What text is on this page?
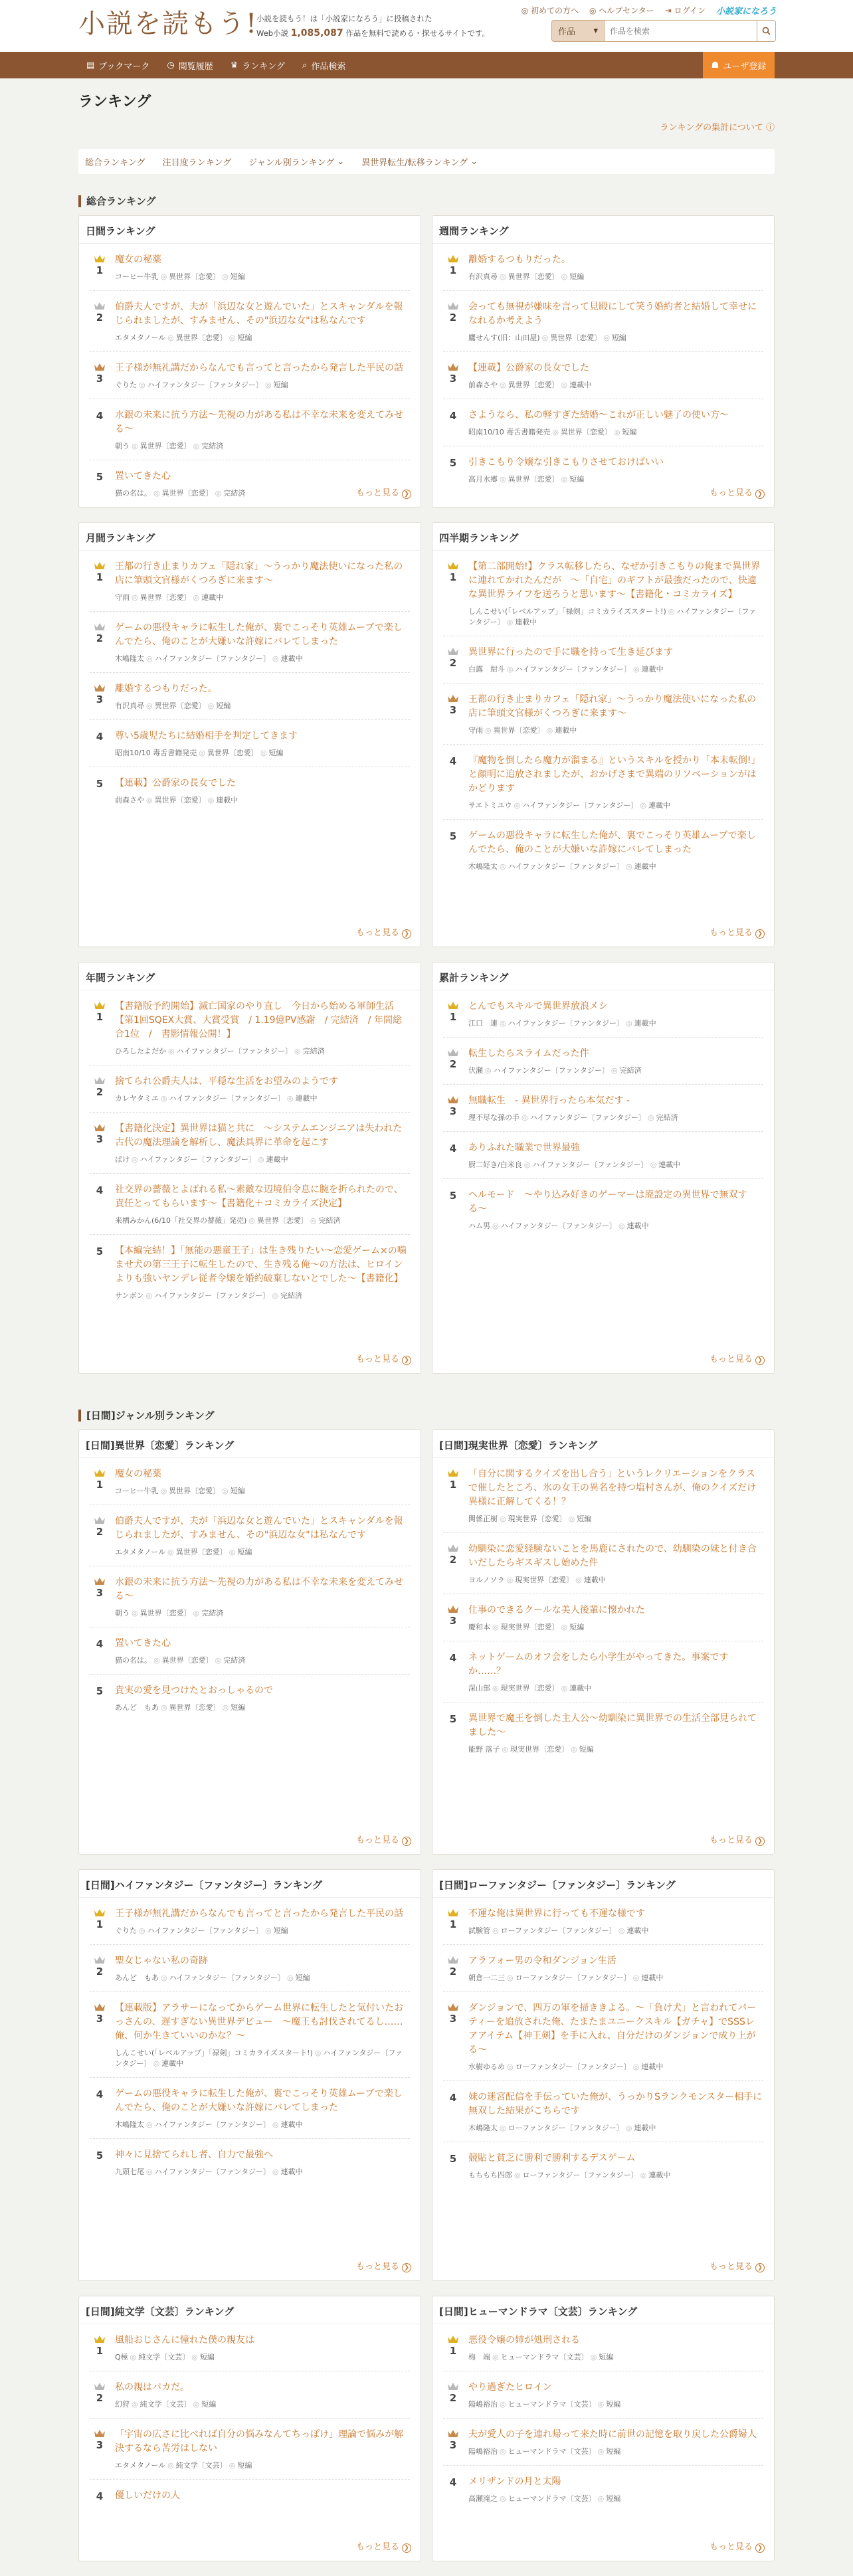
小説を読もう!
小説を読もう！は「小説家になろう」に投稿された
Web小説 1,085,087 作品を無料で読める・探せるサイトです。
◎ 初めての方へ ◎ ヘルプセンター ⇥ ログイン 小説家になろう
作品 ▾
作品を検索
▤ ブックマーク ◷ 閲覧履歴 ♛ ランキング ⌕ 作品検索	☗ ユーザ登録
ランキング
ランキングの集計について ⓘ
総合ランキング 注目度ランキング ジャンル別ランキング ⌄ 異世界転生/転移ランキング ⌄
総合ランキング
日間ランキング
1
魔女の秘薬
コーヒー牛乳 ◎ 異世界〔恋愛〕 ◎ 短編
2
伯爵夫人ですが、夫が「浜辺な女と遊んでいた」とスキャンダルを報じられましたが、すみません、その"浜辺な女"は私なんです
エタメタノール ◎ 異世界〔恋愛〕 ◎ 短編
3
王子様が無礼講だからなんでも言ってと言ったから発言した平民の話
ぐりた ◎ ハイファンタジー〔ファンタジー〕 ◎ 短編
4	水銀の未来に抗う方法〜先視の力がある私は不幸な未来を変えてみせる〜
朝う ◎ 異世界〔恋愛〕 ◎ 完結済
5	置いてきた心
猫の名は。 ◎ 異世界〔恋愛〕 ◎ 完結済	もっと見る ❯
週間ランキング
1
離婚するつもりだった。
有沢真尋 ◎ 異世界〔恋愛〕 ◎ 短編
2
会っても無視が嫌味を言って見殿にして笑う婚約者と結婚して幸せになれるか考えよう
鷹せんす(旧：山田屋) ◎ 異世界〔恋愛〕 ◎ 短編
3
【連載】公爵家の長女でした
前森さや ◎ 異世界〔恋愛〕 ◎ 連載中
4	さようなら、私の軽すぎた結婚〜これが正しい魅了の使い方〜
昭南10/10 毒舌書籍発売 ◎ 異世界〔恋愛〕 ◎ 短編
5	引きこもり令嬢な引きこもりさせておけばいい
高月水郷 ◎ 異世界〔恋愛〕 ◎ 短編
もっと見る ❯
月間ランキング
1
王都の行き止まりカフェ「隠れ家」〜うっかり魔法使いになった私の店に筆頭文官様がくつろぎに来ます〜
守雨 ◎ 異世界〔恋愛〕 ◎ 連載中
2
ゲームの悪役キャラに転生した俺が、裏でこっそり英雄ムーブで楽しんでたら、俺のことが大嫌いな許嫁にバレてしまった
木嶋隆太 ◎ ハイファンタジー〔ファンタジー〕 ◎ 連載中
3
離婚するつもりだった。
有沢真尋 ◎ 異世界〔恋愛〕 ◎ 短編
4	尊い5歳児たちに結婚相手を判定してきます
昭南10/10 毒舌書籍発売 ◎ 異世界〔恋愛〕 ◎ 短編
5	【連載】公爵家の長女でした
前森さや ◎ 異世界〔恋愛〕 ◎ 連載中
もっと見る ❯
四半期ランキング
1
【第二部開始!】クラス転移したら、なぜか引きこもりの俺まで異世界に連れてかれたんだが　〜「自宅」のギフトが最強だったので、快適な異世界ライフを送ろうと思います〜【書籍化・コミカライズ】
しんこせい(「レベルアップ」「禄剣」コミカライズスタート!) ◎ ハイファンタジー〔ファンタジー〕 ◎ 連載中
2
異世界に行ったので手に職を持って生き延びます
白露　紺斗 ◎ ハイファンタジー〔ファンタジー〕 ◎ 連載中
3
王都の行き止まりカフェ「隠れ家」〜うっかり魔法使いになった私の店に筆頭文官様がくつろぎに来ます〜
守雨 ◎ 異世界〔恋愛〕 ◎ 連載中
4	『魔物を倒したら魔力が溜まる』というスキルを授かり「本末転倒!」と顔明に追放されましたが、おかげさまで異端のリソベーションがはかどります
サエトミユウ ◎ ハイファンタジー〔ファンタジー〕 ◎ 連載中
5	ゲームの悪役キャラに転生した俺が、裏でこっそり英雄ムーブで楽しんでたら、俺のことが大嫌いな許嫁にバレてしまった
木嶋隆太 ◎ ハイファンタジー〔ファンタジー〕 ◎ 連載中
もっと見る ❯
年間ランキング
1
【書籍版予約開始】滅亡国家のやり直し　今日から始める軍師生活【第1回SQEX大賞、大賞受賞　/ 1.19億PV感謝　/ 完結済　/ 年間総合1位　/　書影情報公開！】
ひろしたよだか ◎ ハイファンタジー〔ファンタジー〕 ◎ 完結済
2
捨てられ公爵夫人は、平穏な生活をお望みのようです
カレヤタミエ ◎ ハイファンタジー〔ファンタジー〕 ◎ 連載中
3
【書籍化決定】異世界は猫と共に　〜システムエンジニアは失われた古代の魔法理論を解析し、魔法具界に革命を起こす
ぱけ ◎ ハイファンタジー〔ファンタジー〕 ◎ 連載中
4	社交界の薔薇とよばれる私〜素敵な辺境伯令息に腕を折られたので、責任とってもらいます〜【書籍化＋コミカライズ決定】
来栖みかん(6/10「社交界の薔薇」発売) ◎ 異世界〔恋愛〕 ◎ 完結済
5	【本編完結！】「無能の悪童王子」は生き残りたい〜恋愛ゲーム×の噛ませ犬の第三王子に転生したので、生き残る俺〜の方法は、ヒロインよりも強いヤンデレ従者令嬢を婚約破棄しないとでした〜【書籍化】
サンボン ◎ ハイファンタジー〔ファンタジー〕 ◎ 完結済
もっと見る ❯
累計ランキング
1
とんでもスキルで異世界放浪メシ
江口　連 ◎ ハイファンタジー〔ファンタジー〕 ◎ 連載中
2
転生したらスライムだった件
伏瀬 ◎ ハイファンタジー〔ファンタジー〕 ◎ 完結済
3
無職転生　- 異世界行ったら本気だす -
理不尽な孫の手 ◎ ハイファンタジー〔ファンタジー〕 ◎ 完結済
4	ありふれた職業で世界最強
厨二好き/白米良 ◎ ハイファンタジー〔ファンタジー〕 ◎ 連載中
5	ヘルモード　〜やり込み好きのゲーマーは廃設定の異世界で無双する〜
ハム男 ◎ ハイファンタジー〔ファンタジー〕 ◎ 連載中
もっと見る ❯
[日間]ジャンル別ランキング
[日間]異世界〔恋愛〕ランキング
1
魔女の秘薬
コーヒー牛乳 ◎ 異世界〔恋愛〕 ◎ 短編
2
伯爵夫人ですが、夫が「浜辺な女と遊んでいた」とスキャンダルを報じられましたが、すみません、その"浜辺な女"は私なんです
エタメタノール ◎ 異世界〔恋愛〕 ◎ 短編
3
水銀の未来に抗う方法〜先視の力がある私は不幸な未来を変えてみせる〜
朝う ◎ 異世界〔恋愛〕 ◎ 完結済
4	置いてきた心
猫の名は。 ◎ 異世界〔恋愛〕 ◎ 完結済
5	貴実の愛を見つけたとおっしゃるので
あんど　もあ ◎ 異世界〔恋愛〕 ◎ 短編
もっと見る ❯
[日間]現実世界〔恋愛〕ランキング
1
「自分に関するクイズを出し合う」というレクリエーションをクラスで催したところ、氷の女王の異名を持つ塩村さんが、俺のクイズだけ異様に正解してくる！？
関係正樹 ◎ 現実世界〔恋愛〕 ◎ 短編
2
幼馴染に恋愛経験ないことを馬鹿にされたので、幼馴染の妹と付き合いだしたらギスギスし始めた件
ヨルノソラ ◎ 現実世界〔恋愛〕 ◎ 連載中
3
仕事のできるクールな美人後輩に懐かれた
慶和本 ◎ 現実世界〔恋愛〕 ◎ 短編
4	ネットゲームのオフ会をしたら小学生がやってきた。事案ですか……？
深山部 ◎ 現実世界〔恋愛〕 ◎ 連載中
5	異世界で魔王を倒した主人公〜幼馴染に異世界での生活全部見られてました〜
能野 落子 ◎ 現実世界〔恋愛〕 ◎ 短編
もっと見る ❯
[日間]ハイファンタジー〔ファンタジー〕ランキング
1
王子様が無礼講だからなんでも言ってと言ったから発言した平民の話
ぐりた ◎ ハイファンタジー〔ファンタジー〕 ◎ 短編
2
聖女じゃない私の奇跡
あんど　もあ ◎ ハイファンタジー〔ファンタジー〕 ◎ 短編
3
【連載版】アラサーになってからゲーム世界に転生したと気付いたおっさんの、遅すぎない異世界デビュー　〜魔王も討伐されてるし……俺、何か生きていいのかな？〜
しんこせい(「レベルアップ」「禄剣」コミカライズスタート!) ◎ ハイファンタジー〔ファンタジー〕 ◎ 連載中
4	ゲームの悪役キャラに転生した俺が、裏でこっそり英雄ムーブで楽しんでたら、俺のことが大嫌いな許嫁にバレてしまった
木嶋隆太 ◎ ハイファンタジー〔ファンタジー〕 ◎ 連載中
5	神々に見捨てられし者、自力で最強へ
九頭七尾 ◎ ハイファンタジー〔ファンタジー〕 ◎ 連載中
もっと見る ❯
[日間]ローファンタジー〔ファンタジー〕ランキング
1
不運な俺は異世界に行っても不運な様です
試験管 ◎ ローファンタジー〔ファンタジー〕 ◎ 連載中
2
アラフォー男の令和ダンジョン生活
朝倉一二三 ◎ ローファンタジー〔ファンタジー〕 ◎ 連載中
3
ダンジョンで、四万の軍を掃ききよる。〜「負け犬」と言われてパーティーを追放された俺、たまたまユニークスキル【ガチャ】でSSSレアアイテム【神王剣】を手に入れ、自分だけのダンジョンで成り上がる〜
水樹ゆるめ ◎ ローファンタジー〔ファンタジー〕 ◎ 連載中
4	妹の迷宮配信を手伝っていた俺が、うっかりSランクモンスター相手に無双した結果がこちらです
木嶋隆太 ◎ ローファンタジー〔ファンタジー〕 ◎ 連載中
5	競貼と貧乏に勝利で勝利するデスゲーム
もちもち四郎 ◎ ローファンタジー〔ファンタジー〕 ◎ 連載中
もっと見る ❯
[日間]純文学〔文芸〕ランキング
1
風船おじさんに憧れた僕の親友は
Q極 ◎ 純文学〔文芸〕 ◎ 短編
2
私の親はバカだ。
幻狩 ◎ 純文学〔文芸〕 ◎ 短編
3
「宇宙の広さに比べれば自分の悩みなんてちっぽけ」理論で悩みが解決するなら苦労はしない
エタメタノール ◎ 純文学〔文芸〕 ◎ 短編
4	優しいだけの人
もっと見る ❯
[日間]ヒューマンドラマ〔文芸〕ランキング
1
悪役令嬢の姉が処刑される
梅　端 ◎ ヒューマンドラマ〔文芸〕 ◎ 短編
2
やり過ぎたヒロイン
陽嶋裕治 ◎ ヒューマンドラマ〔文芸〕 ◎ 短編
3
夫が愛人の子を連れ帰って来た時に前世の記憶を取り戻した公爵婦人
陽嶋裕治 ◎ ヒューマンドラマ〔文芸〕 ◎ 短編
4	メリザンドの月と太陽
高瀬滝之 ◎ ヒューマンドラマ〔文芸〕 ◎ 短編
もっと見る ❯
